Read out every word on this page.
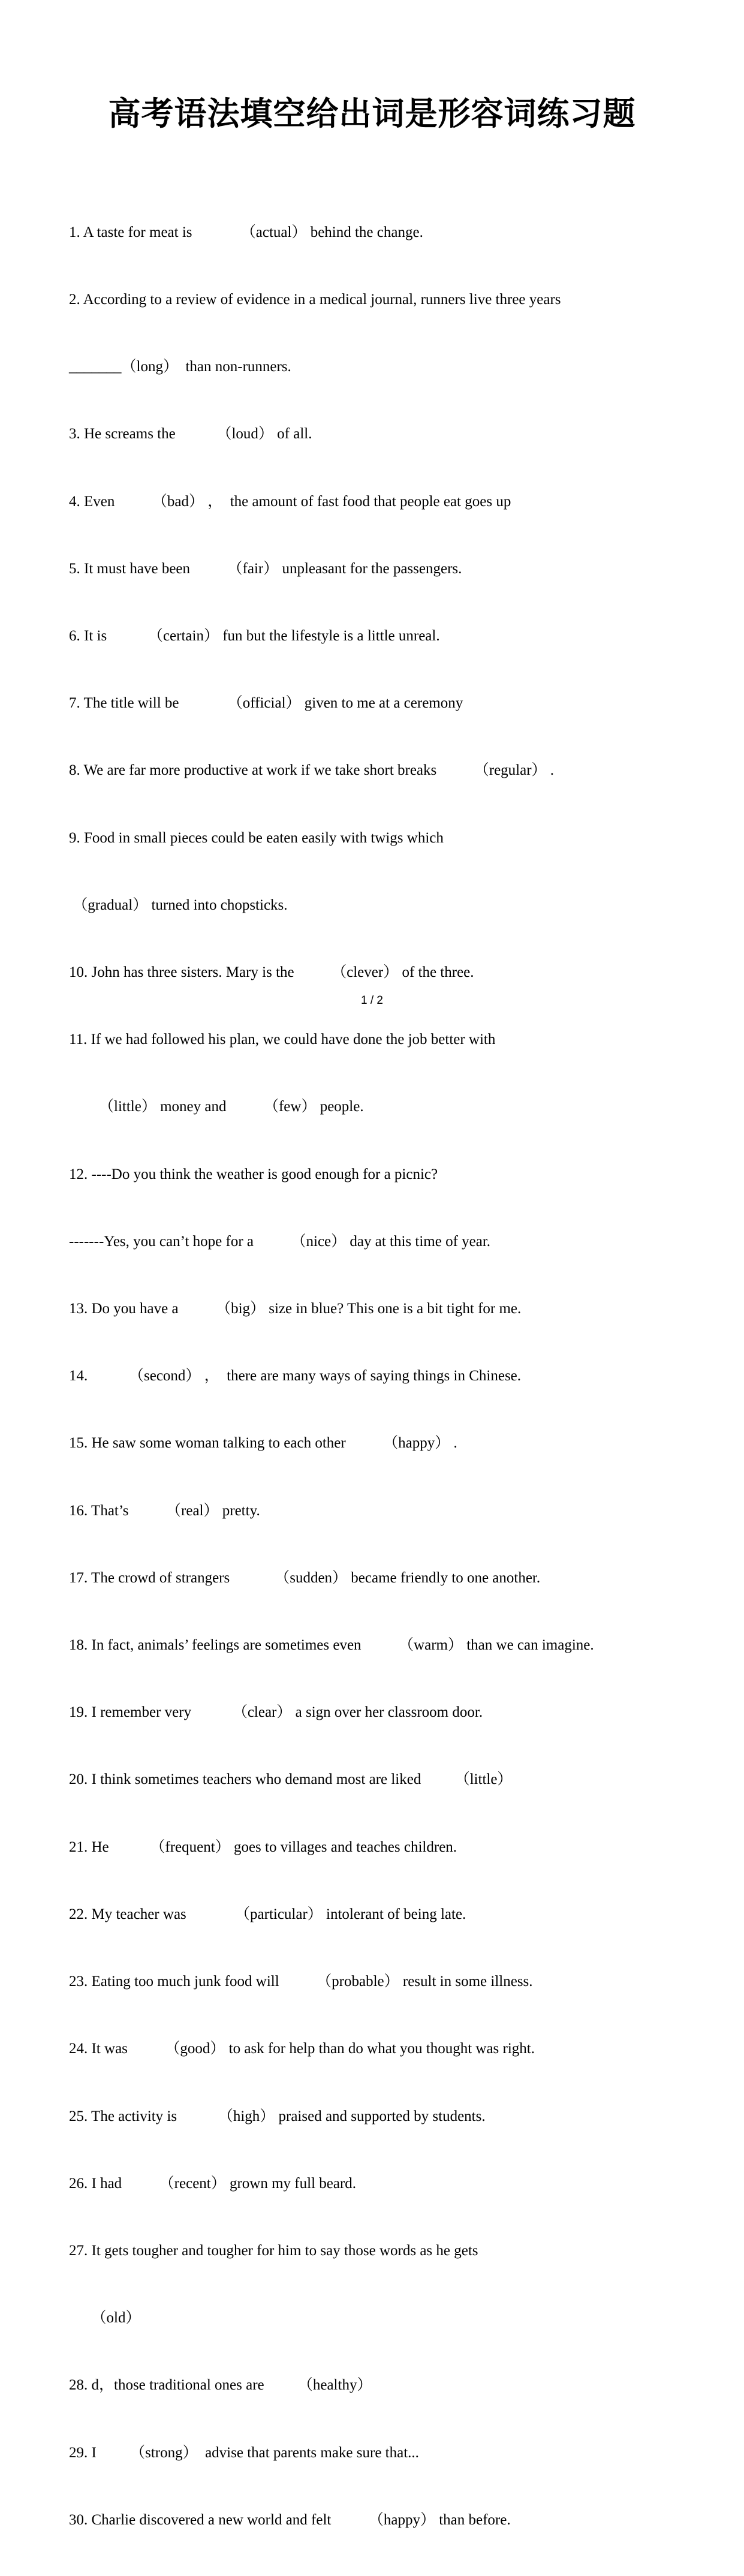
高考语法填空给出词是形容词练习题

1. A taste for meat is             （actual） behind the change.

2. According to a review of evidence in a medical journal, runners live three years

_______（long）  than non-runners.

3. He screams the           （loud） of all.

4. Even          （bad） ，  the amount of fast food that people eat goes up

5. It must have been          （fair） unpleasant for the passengers.

6. It is           （certain） fun but the lifestyle is a little unreal.

7. The title will be             （official） given to me at a ceremony

8. We are far more productive at work if we take short breaks          （regular） .

9. Food in small pieces could be eaten easily with twigs which

（gradual） turned into chopsticks.

10. John has three sisters. Mary is the          （clever） of the three.

11. If we had followed his plan, we could have done the job better with

（little） money and          （few） people.

12. ----Do you think the weather is good enough for a picnic?

-------Yes, you can’t hope for a          （nice） day at this time of year.

13. Do you have a          （big） size in blue? This one is a bit tight for me.

14.           （second） ，  there are many ways of saying things in Chinese.

15. He saw some woman talking to each other          （happy） .

16. That’s          （real） pretty.

17. The crowd of strangers            （sudden） became friendly to one another.

18. In fact, animals’ feelings are sometimes even          （warm） than we can imagine.

19. I remember very           （clear） a sign over her classroom door.

20. I think sometimes teachers who demand most are liked         （little）

21. He           （frequent） goes to villages and teaches children.

22. My teacher was             （particular） intolerant of being late.

23. Eating too much junk food will          （probable） result in some illness.

24. It was          （good） to ask for help than do what you thought was right.

25. The activity is           （high） praised and supported by students.

26. I had          （recent） grown my full beard.

27. It gets tougher and tougher for him to say those words as he gets

（old）

28. d，those traditional ones are         （healthy）

29. I         （strong）  advise that parents make sure that...

30. Charlie discovered a new world and felt          （happy） than before.

1 / 2
